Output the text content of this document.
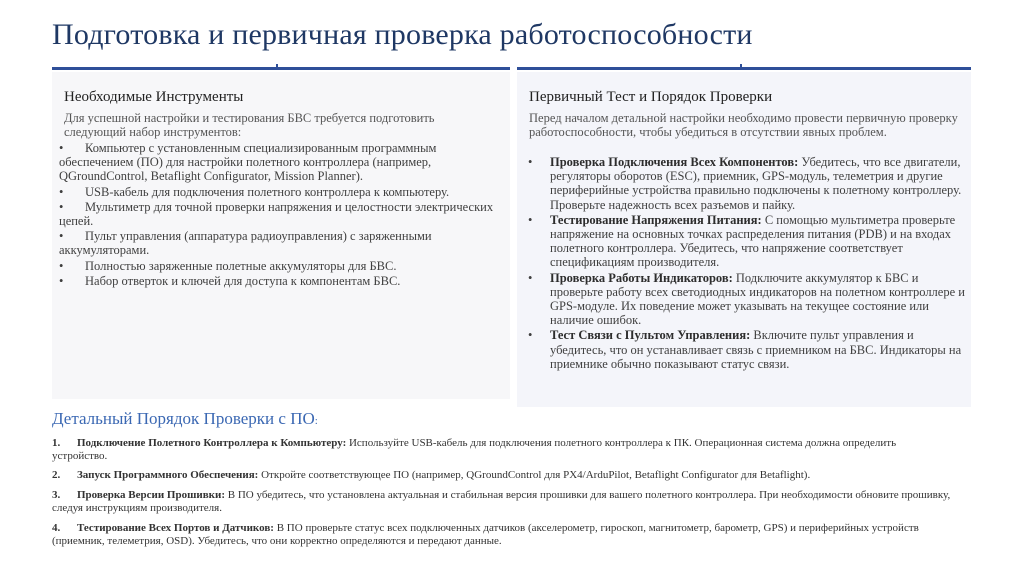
Подготовка и первичная проверка работоспособности
Необходимые Инструменты
Для успешной настройки и тестирования БВС требуется подготовить следующий набор инструментов:
• Компьютер с установленным специализированным программным обеспечением (ПО) для настройки полетного контроллера (например, QGroundControl, Betaflight Configurator, Mission Planner).
• USB-кабель для подключения полетного контроллера к компьютеру.
• Мультиметр для точной проверки напряжения и целостности электрических цепей.
• Пульт управления (аппаратура радиоуправления) с заряженными аккумуляторами.
• Полностью заряженные полетные аккумуляторы для БВС.
• Набор отверток и ключей для доступа к компонентам БВС.
Первичный Тест и Порядок Проверки
Перед началом детальной настройки необходимо провести первичную проверку работоспособности, чтобы убедиться в отсутствии явных проблем.
• Проверка Подключения Всех Компонентов: Убедитесь, что все двигатели, регуляторы оборотов (ESC), приемник, GPS-модуль, телеметрия и другие периферийные устройства правильно подключены к полетному контроллеру. Проверьте надежность всех разъемов и пайку.
• Тестирование Напряжения Питания: С помощью мультиметра проверьте напряжение на основных точках распределения питания (PDB) и на входах полетного контроллера. Убедитесь, что напряжение соответствует спецификациям производителя.
• Проверка Работы Индикаторов: Подключите аккумулятор к БВС и проверьте работу всех светодиодных индикаторов на полетном контроллере и GPS-модуле. Их поведение может указывать на текущее состояние или наличие ошибок.
• Тест Связи с Пультом Управления: Включите пульт управления и убедитесь, что он устанавливает связь с приемником на БВС. Индикаторы на приемнике обычно показывают статус связи.
Детальный Порядок Проверки с ПО:
1. Подключение Полетного Контроллера к Компьютеру: Используйте USB-кабель для подключения полетного контроллера к ПК. Операционная система должна определить устройство.
2. Запуск Программного Обеспечения: Откройте соответствующее ПО (например, QGroundControl для PX4/ArduPilot, Betaflight Configurator для Betaflight).
3. Проверка Версии Прошивки: В ПО убедитесь, что установлена актуальная и стабильная версия прошивки для вашего полетного контроллера. При необходимости обновите прошивку, следуя инструкциям производителя.
4. Тестирование Всех Портов и Датчиков: В ПО проверьте статус всех подключенных датчиков (акселерометр, гироскоп, магнитометр, барометр, GPS) и периферийных устройств (приемник, телеметрия, OSD). Убедитесь, что они корректно определяются и передают данные.
